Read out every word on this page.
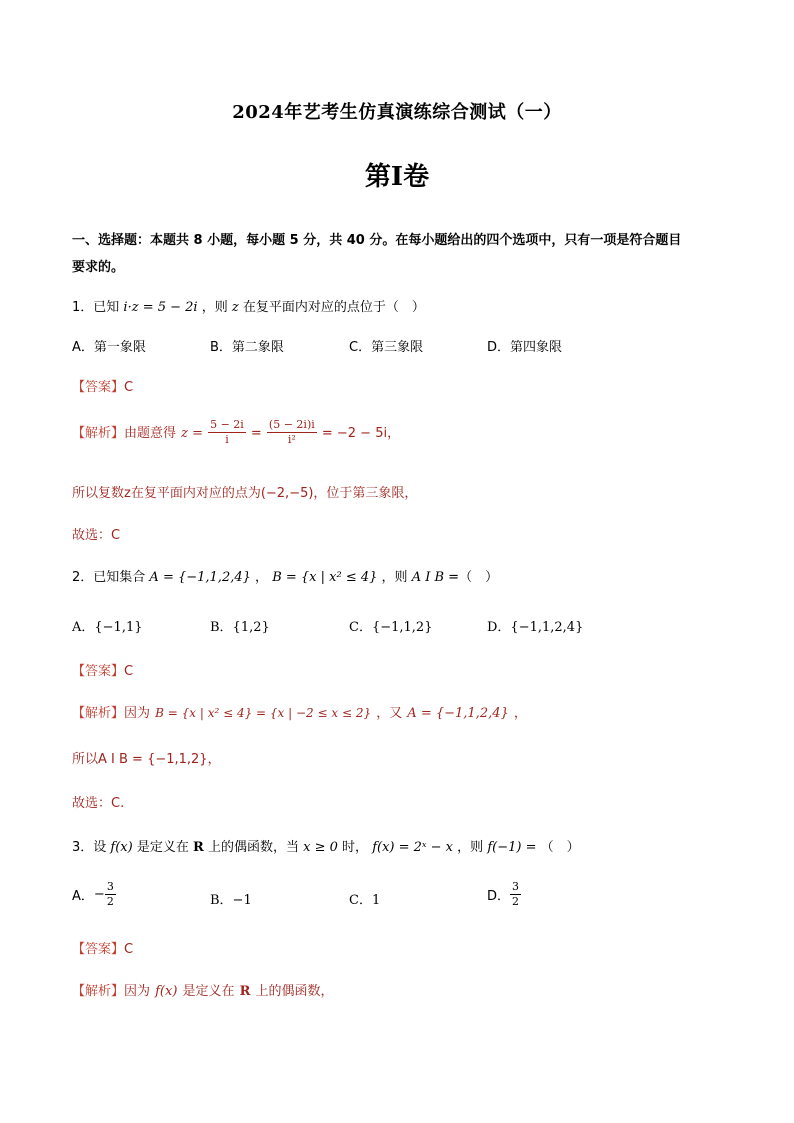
2024年艺考生仿真演练综合测试（一）
第I卷
一、选择题：本题共 8 小题，每小题 5 分，共 40 分。在每小题给出的四个选项中，只有一项是符合题目
要求的。
1．已知 i·z = 5 − 2i ，则 z 在复平面内对应的点位于（　）
A．第一象限	B．第二象限	C．第三象限	D．第四象限
【答案】C
【解析】由题意得 $z = \frac{5 - 2i}{i} = \frac{(5 - 2i)i}{\text{i²}} = -2 - 5i$，
所以复数z在复平面内对应的点为(−2,−5)，位于第三象限，
故选：C
2．已知集合 A = {−1,1,2,4} ， B = {x | x² ≤ 4} ，则 A I B =（　）
A．{−1,1}	B．{1,2}	C．{−1,1,2}	D．{−1,1,2,4}
【答案】C
【解析】因为 B = {x | x² ≤ 4} = {x | −2 ≤ x ≤ 2} ，又 A = {−1,1,2,4} ，
所以A I B = {−1,1,2}，
故选：C.
3．设 f(x) 是定义在 R 上的偶函数，当 x ≥ 0 时， f(x) = 2ˣ − x ，则 f(−1) = （　）
A．− $\frac{3}{2}$	B．−1	C．1	D． $\frac{3}{2}$
【答案】C
【解析】因为 f(x) 是定义在 R 上的偶函数，
